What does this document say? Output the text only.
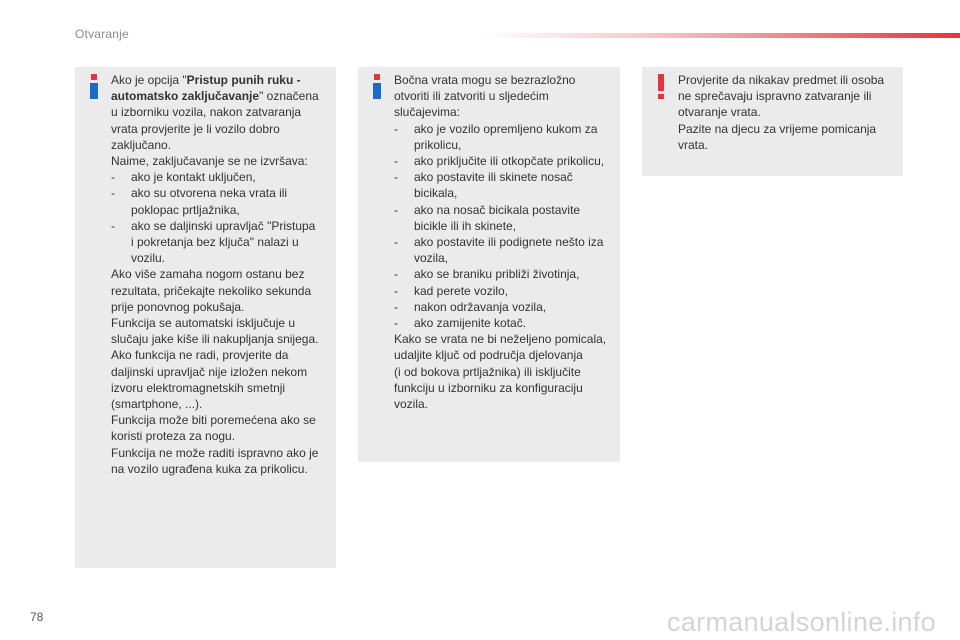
Otvaranje
Ako je opcija "Pristup punih ruku -
automatsko zaključavanje" označena
u izborniku vozila, nakon zatvaranja
vrata provjerite je li vozilo dobro
zaključano.
Naime, zaključavanje se ne izvršava:
-	ako je kontakt uključen,
-	ako su otvorena neka vrata ili
poklopac prtljažnika,
-	ako se daljinski upravljač "Pristupa
i pokretanja bez ključa" nalazi u
vozilu.
Ako više zamaha nogom ostanu bez
rezultata, pričekajte nekoliko sekunda
prije ponovnog pokušaja.
Funkcija se automatski isključuje u
slučaju jake kiše ili nakupljanja snijega.
Ako funkcija ne radi, provjerite da
daljinski upravljač nije izložen nekom
izvoru elektromagnetskih smetnji
(smartphone, ...).
Funkcija može biti poremećena ako se
koristi proteza za nogu.
Funkcija ne može raditi ispravno ako je
na vozilo ugrađena kuka za prikolicu.
Bočna vrata mogu se bezrazložno
otvoriti ili zatvoriti u sljedećim
slučajevima:
-	ako je vozilo opremljeno kukom za
prikolicu,
-	ako priključite ili otkopčate prikolicu,
-	ako postavite ili skinete nosač
bicikala,
-	ako na nosač bicikala postavite
bicikle ili ih skinete,
-	ako postavite ili podignete nešto iza
vozila,
-	ako se braniku približi životinja,
-	kad perete vozilo,
-	nakon održavanja vozila,
-	ako zamijenite kotač.
Kako se vrata ne bi neželjeno pomicala,
udaljite ključ od područja djelovanja
(i od bokova prtljažnika) ili isključite
funkciju u izborniku za konfiguraciju
vozila.
Provjerite da nikakav predmet ili osoba
ne sprečavaju ispravno zatvaranje ili
otvaranje vrata.
Pazite na djecu za vrijeme pomicanja
vrata.
78	carmanualsonline.info
